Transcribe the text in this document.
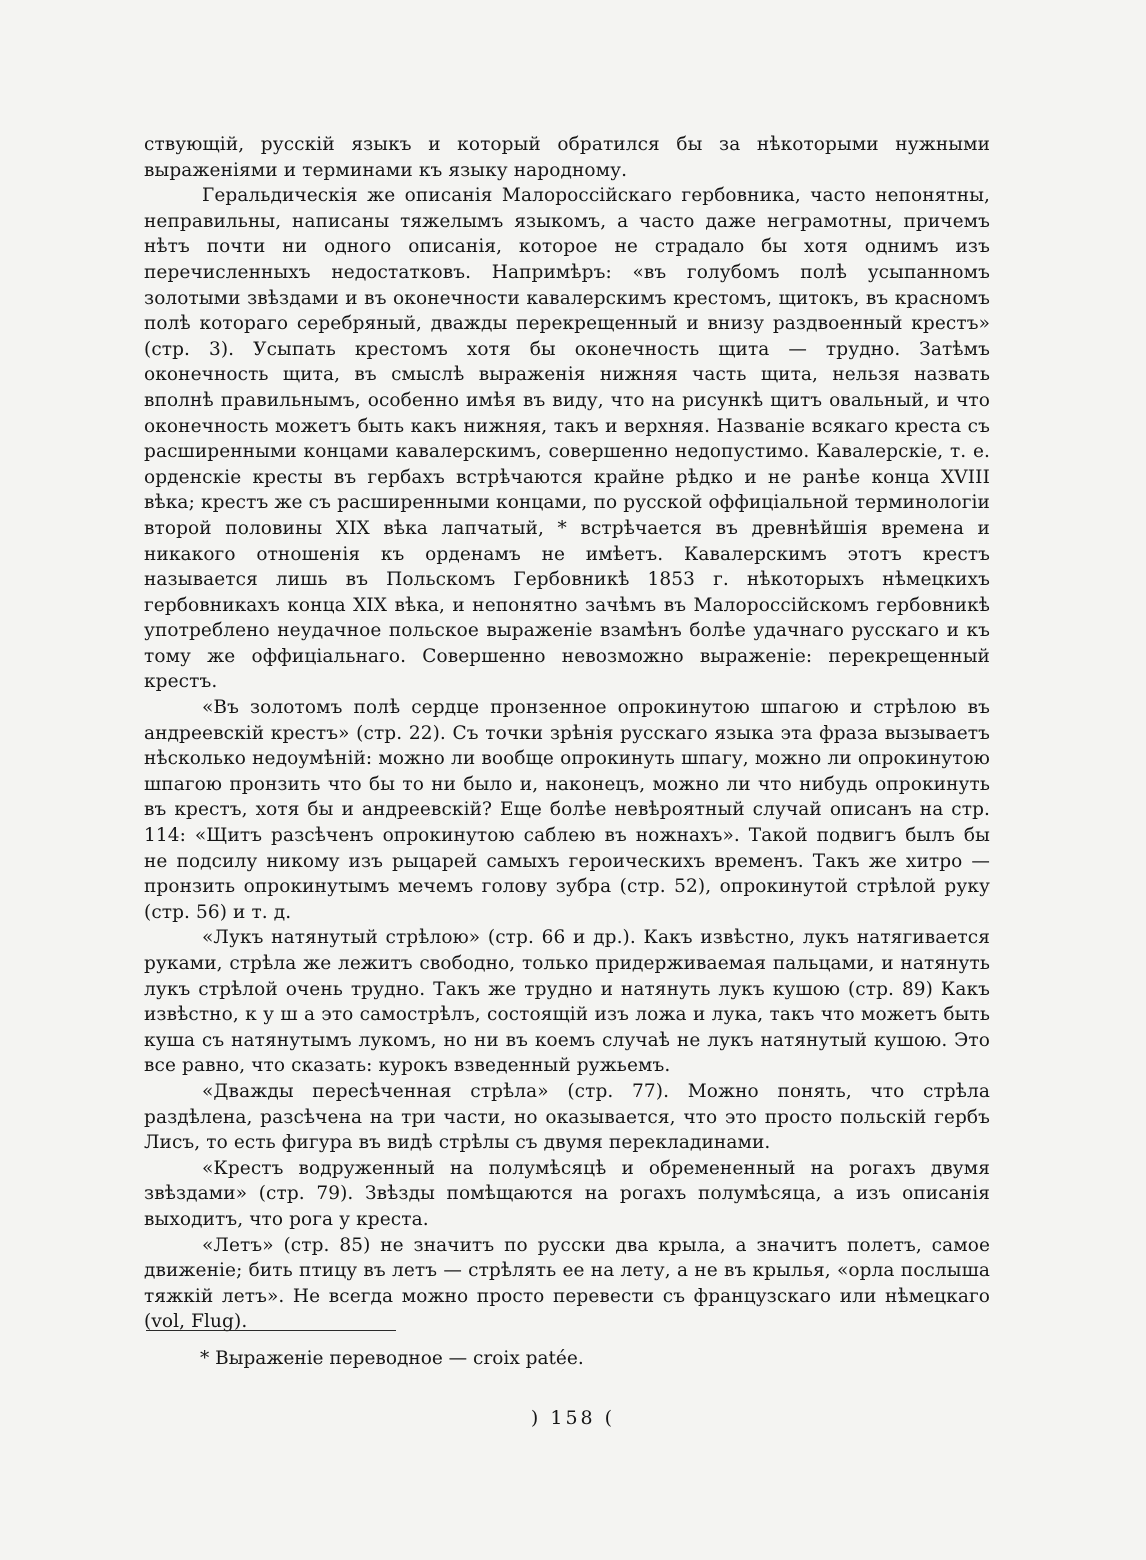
ствующій, русскій языкъ и который обратился бы за нѣкоторыми нужными выраженіями и терминами къ языку народному.

Геральдическія же описанія Малороссійскаго гербовника, часто непонятны, неправильны, написаны тяжелымъ языкомъ, а часто даже неграмотны, причемъ нѣтъ почти ни одного описанія, которое не страдало бы хотя однимъ изъ перечисленныхъ недостатковъ. Напримѣръ: «въ голубомъ полѣ усыпанномъ золотыми звѣздами и въ оконечности кавалерскимъ крестомъ, щитокъ, въ красномъ полѣ котораго серебряный, дважды перекрещенный и внизу раздвоенный крестъ» (стр. 3). Усыпать крестомъ хотя бы оконечность щита — трудно. Затѣмъ оконечность щита, въ смыслѣ выраженія нижняя часть щита, нельзя назвать вполнѣ правильнымъ, особенно имѣя въ виду, что на рисункѣ щитъ овальный, и что оконечность можетъ быть какъ нижняя, такъ и верхняя. Названіе всякаго креста съ расширенными концами кавалерскимъ, совершенно недопустимо. Кавалерскіе, т. е. орденскіе кресты въ гербахъ встрѣчаются крайне рѣдко и не ранѣе конца XVIII вѣка; крестъ же съ расширенными концами, по русской оффиціальной терминологіи второй половины XIX вѣка лапчатый, * встрѣчается въ древнѣйшія времена и никакого отношенія къ орденамъ не имѣетъ. Кавалерскимъ этотъ крестъ называется лишь въ Польскомъ Гербовникѣ 1853 г. нѣкоторыхъ нѣмецкихъ гербовникахъ конца XIX вѣка, и непонятно зачѣмъ въ Малороссійскомъ гербовникѣ употреблено неудачное польское выраженіе взамѣнъ болѣе удачнаго русскаго и къ тому же оффиціальнаго. Совершенно невозможно выраженіе: перекрещенный крестъ.

«Въ золотомъ полѣ сердце пронзенное опрокинутою шпагою и стрѣлою въ андреевскій крестъ» (стр. 22). Съ точки зрѣнія русскаго языка эта фраза вызываетъ нѣсколько недоумѣній: можно ли вообще опрокинуть шпагу, можно ли опрокинутою шпагою пронзить что бы то ни было и, наконецъ, можно ли что нибудь опрокинуть въ крестъ, хотя бы и андреевскій? Еще болѣе невѣроятный случай описанъ на стр. 114: «Щитъ разсѣченъ опрокинутою саблею въ ножнахъ». Такой подвигъ былъ бы не подсилу никому изъ рыцарей самыхъ героическихъ временъ. Такъ же хитро — пронзить опрокинутымъ мечемъ голову зубра (стр. 52), опрокинутой стрѣлой руку (стр. 56) и т. д.

«Лукъ натянутый стрѣлою» (стр. 66 и др.). Какъ извѣстно, лукъ натягивается руками, стрѣла же лежитъ свободно, только придерживаемая пальцами, и натянуть лукъ стрѣлой очень трудно. Такъ же трудно и натянуть лукъ кушою (стр. 89) Какъ извѣстно, к у ш а это самострѣлъ, состоящій изъ ложа и лука, такъ что можетъ быть куша съ натянутымъ лукомъ, но ни въ коемъ случаѣ не лукъ натянутый кушою. Это все равно, что сказать: курокъ взведенный ружьемъ.

«Дважды пересѣченная стрѣла» (стр. 77). Можно понять, что стрѣла раздѣлена, разсѣчена на три части, но оказывается, что это просто польскій гербъ Лисъ, то есть фигура въ видѣ стрѣлы съ двумя перекладинами.

«Крестъ водруженный на полумѣсяцѣ и обремененный на рогахъ двумя звѣздами» (стр. 79). Звѣзды помѣщаются на рогахъ полумѣсяца, а изъ описанія выходитъ, что рога у креста.

«Летъ» (стр. 85) не значитъ по русски два крыла, а значитъ полетъ, самое движеніе; бить птицу въ летъ — стрѣлять ее на лету, а не въ крылья, «орла послыша тяжкій летъ». Не всегда можно просто перевести съ французскаго или нѣмецкаго (vol, Flug).

* Выраженіе переводное — croix patée.
) 158 (
